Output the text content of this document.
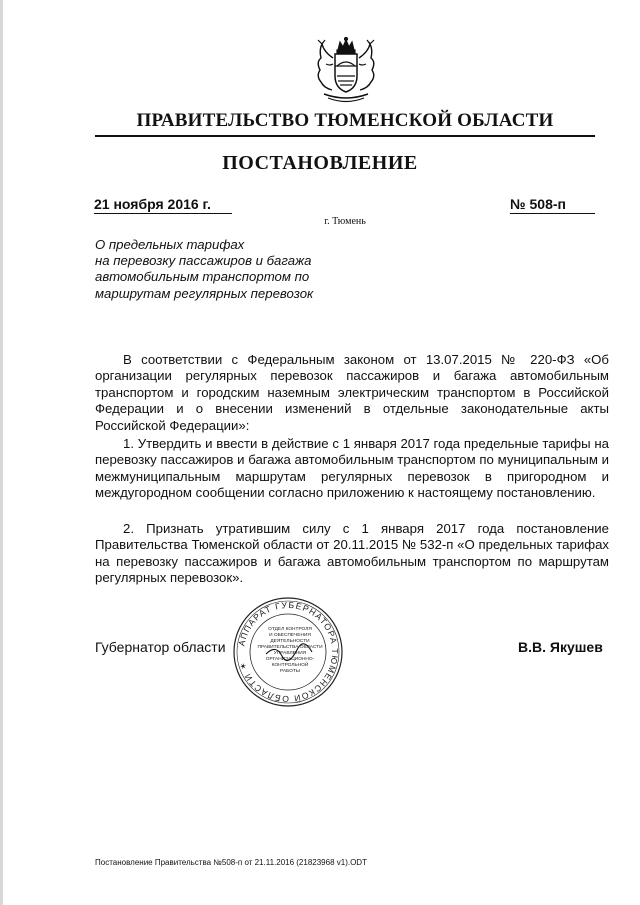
ПРАВИТЕЛЬСТВО ТЮМЕНСКОЙ ОБЛАСТИ
ПОСТАНОВЛЕНИЕ
21 ноября 2016 г.	№ 508-п
г. Тюмень
О предельных тарифах
на перевозку пассажиров и багажа
автомобильным транспортом по
маршрутам регулярных перевозок
В соответствии с Федеральным законом от 13.07.2015 № 220-ФЗ «Об организации регулярных перевозок пассажиров и багажа автомобильным транспортом и городским наземным электрическим транспортом в Российской Федерации и о внесении изменений в отдельные законодательные акты Российской Федерации»:
1. Утвердить и ввести в действие с 1 января 2017 года предельные тарифы на перевозку пассажиров и багажа автомобильным транспортом по муниципальным и межмуниципальным маршрутам регулярных перевозок в пригородном и междугородном сообщении согласно приложению к настоящему постановлению.
2. Признать утратившим силу с 1 января 2017 года постановление Правительства Тюменской области от 20.11.2015 № 532-п «О предельных тарифах на перевозку пассажиров и багажа автомобильным транспортом по маршрутам регулярных перевозок».
Губернатор области АППАРАТ ГУБЕРНАТОРА ТЮМЕНСКОЙ ОБЛАСТИ ✶
ОТДЕЛ КОНТРОЛЯ
И ОБЕСПЕЧЕНИЯ
ДЕЯТЕЛЬНОСТИ
ПРАВИТЕЛЬСТВА ОБЛАСТИ
УПРАВЛЕНИЯ
ОРГАНИЗАЦИОННО-
КОНТРОЛЬНОЙ
РАБОТЫ
В.В. Якушев
Постановление Правительства №508-п от 21.11.2016 (21823968 v1).ODT
